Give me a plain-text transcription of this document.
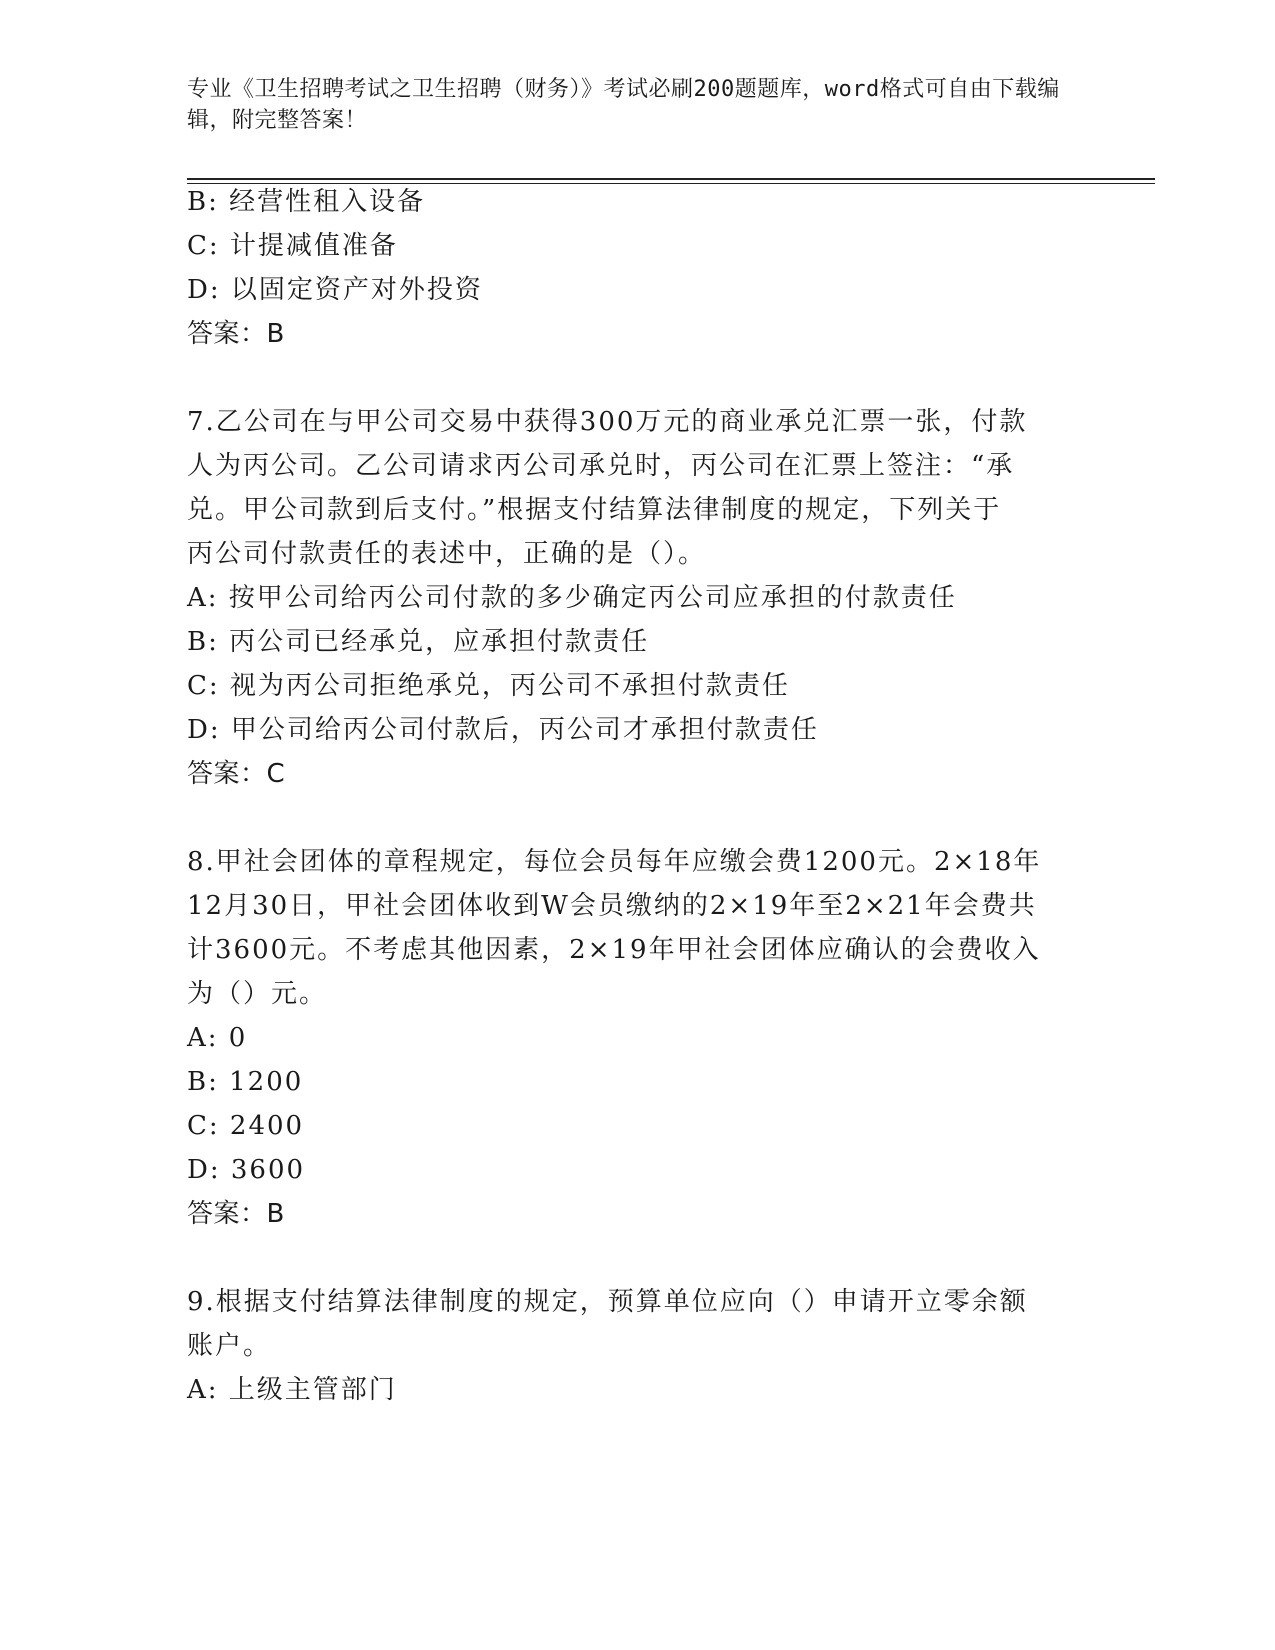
专业《卫生招聘考试之卫生招聘（财务）》考试必刷200题题库，word格式可自由下载编辑，附完整答案！
B: 经营性租入设备
C: 计提减值准备
D: 以固定资产对外投资
答案：B
7.乙公司在与甲公司交易中获得300万元的商业承兑汇票一张，付款
人为丙公司。乙公司请求丙公司承兑时，丙公司在汇票上签注：“承
兑。甲公司款到后支付。”根据支付结算法律制度的规定，下列关于
丙公司付款责任的表述中，正确的是（）。
A: 按甲公司给丙公司付款的多少确定丙公司应承担的付款责任
B: 丙公司已经承兑，应承担付款责任
C: 视为丙公司拒绝承兑，丙公司不承担付款责任
D: 甲公司给丙公司付款后，丙公司才承担付款责任
答案：C
8.甲社会团体的章程规定，每位会员每年应缴会费1200元。2×18年
12月30日，甲社会团体收到W会员缴纳的2×19年至2×21年会费共
计3600元。不考虑其他因素，2×19年甲社会团体应确认的会费收入
为（）元。
A: 0
B: 1200
C: 2400
D: 3600
答案：B
9.根据支付结算法律制度的规定，预算单位应向（）申请开立零余额
账户。
A: 上级主管部门
